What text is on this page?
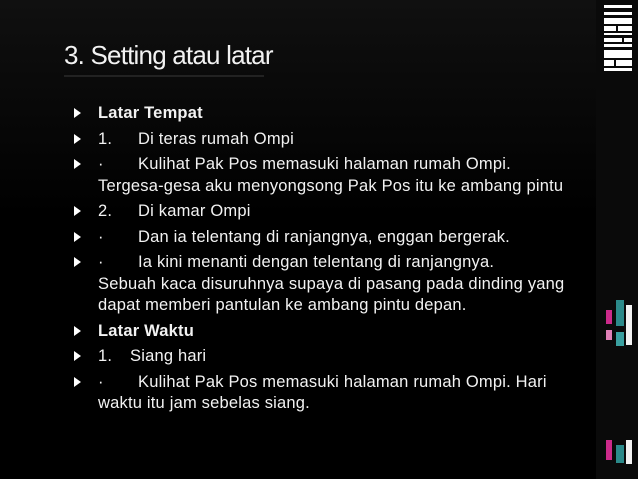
3. Setting atau latar
Latar Tempat
1. Di teras rumah Ompi
· Kulihat Pak Pos memasuki halaman rumah Ompi.
Tergesa-gesa aku menyongsong Pak Pos itu ke ambang pintu
2. Di kamar Ompi
· Dan ia telentang di ranjangnya, enggan bergerak.
· Ia kini menanti dengan telentang di ranjangnya.
Sebuah kaca disuruhnya supaya di pasang pada dinding yang dapat memberi pantulan ke ambang pintu depan.
Latar Waktu
1. Siang hari
· Kulihat Pak Pos memasuki halaman rumah Ompi. Hari
waktu itu jam sebelas siang.
